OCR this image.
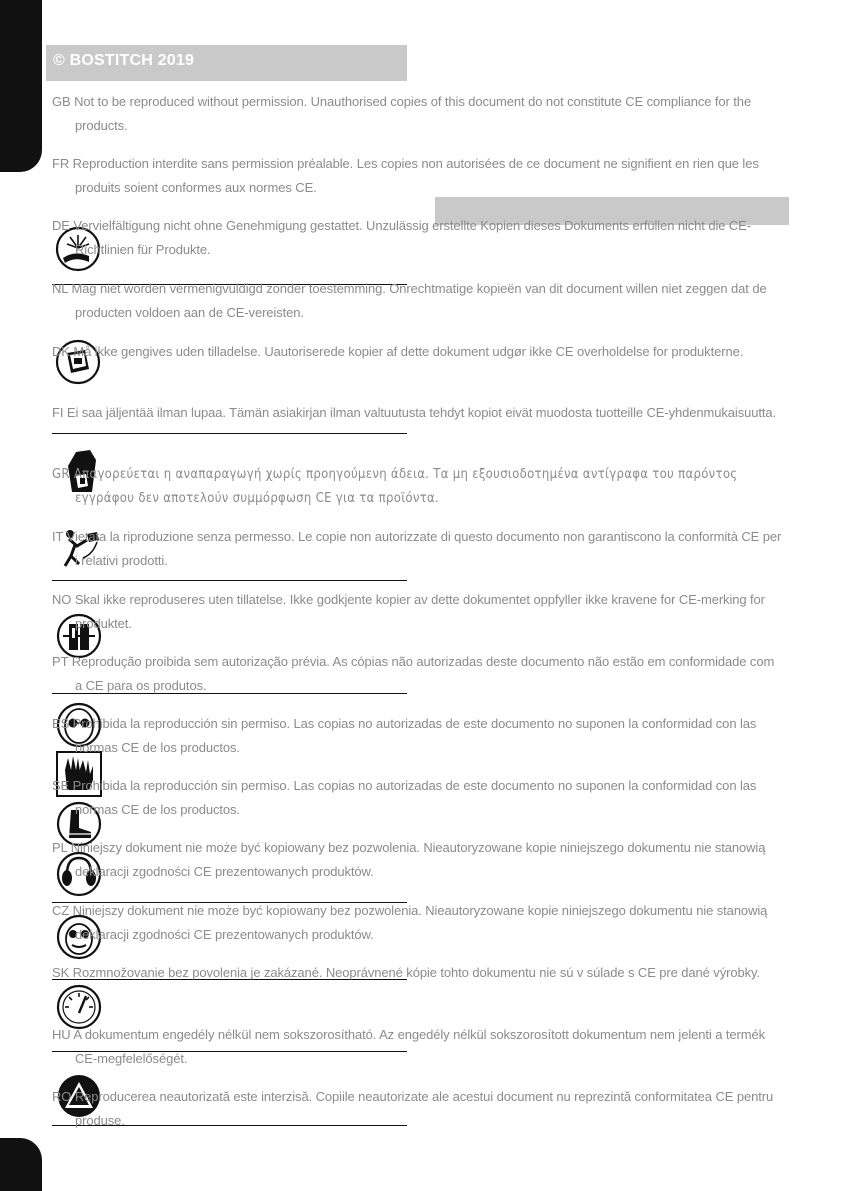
© BOSTITCH 2019

GB Not to be reproduced without permission. Unauthorised copies of this document do not constitute CE compliance for the products.

FR Reproduction interdite sans permission préalable. Les copies non autorisées de ce document ne signifient en rien que les produits soient conformes aux normes CE.

DE Vervielfältigung nicht ohne Genehmigung gestattet. Unzulässig erstellte Kopien dieses Dokuments erfüllen nicht die CE-Richtlinien für Produkte.

NL Mag niet worden vermenigvuldigd zonder toestemming. Onrechtmatige kopieën van dit document willen niet zeggen dat de producten voldoen aan de CE-vereisten.

DK Må ikke gengives uden tilladelse. Uautoriserede kopier af dette dokument udgør ikke CE overholdelse for produkterne.

FI Ei saa jäljentää ilman lupaa. Tämän asiakirjan ilman valtuutusta tehdyt kopiot eivät muodosta tuotteille CE-yhdenmukaisuutta.

GR Απαγορεύεται η αναπαραγωγή χωρίς προηγούμενη άδεια. Τα μη εξουσιοδοτημένα αντίγραφα του παρόντος εγγράφου δεν αποτελούν συμμόρφωση CE για τα προϊόντα.

IT Vietata la riproduzione senza permesso. Le copie non autorizzate di questo documento non garantiscono la conformità CE per i relativi prodotti.

NO Skal ikke reproduseres uten tillatelse. Ikke godkjente kopier av dette dokumentet oppfyller ikke kravene for CE-merking for produktet.

PT Reprodução proibida sem autorização prévia. As cópias não autorizadas deste documento não estão em conformidade com a CE para os produtos.

ES Prohibida la reproducción sin permiso. Las copias no autorizadas de este documento no suponen la conformidad con las normas CE de los productos.

SE Prohibida la reproducción sin permiso. Las copias no autorizadas de este documento no suponen la conformidad con las normas CE de los productos.

PL Niniejszy dokument nie może być kopiowany bez pozwolenia. Nieautoryzowane kopie niniejszego dokumentu nie stanowią deklaracji zgodności CE prezentowanych produktów.

CZ Niniejszy dokument nie może być kopiowany bez pozwolenia. Nieautoryzowane kopie niniejszego dokumentu nie stanowią deklaracji zgodności CE prezentowanych produktów.

SK Rozmnožovanie bez povolenia je zakázané. Neoprávnené kópie tohto dokumentu nie sú v súlade s CE pre dané výrobky.

HU A dokumentum engedély nélkül nem sokszorosítható. Az engedély nélkül sokszorosított dokumentum nem jelenti a termék CE-megfelelőségét.

RO Reproducerea neautorizată este interzisă. Copiile neautorizate ale acestui document nu reprezintă conformitatea CE pentru produse.
